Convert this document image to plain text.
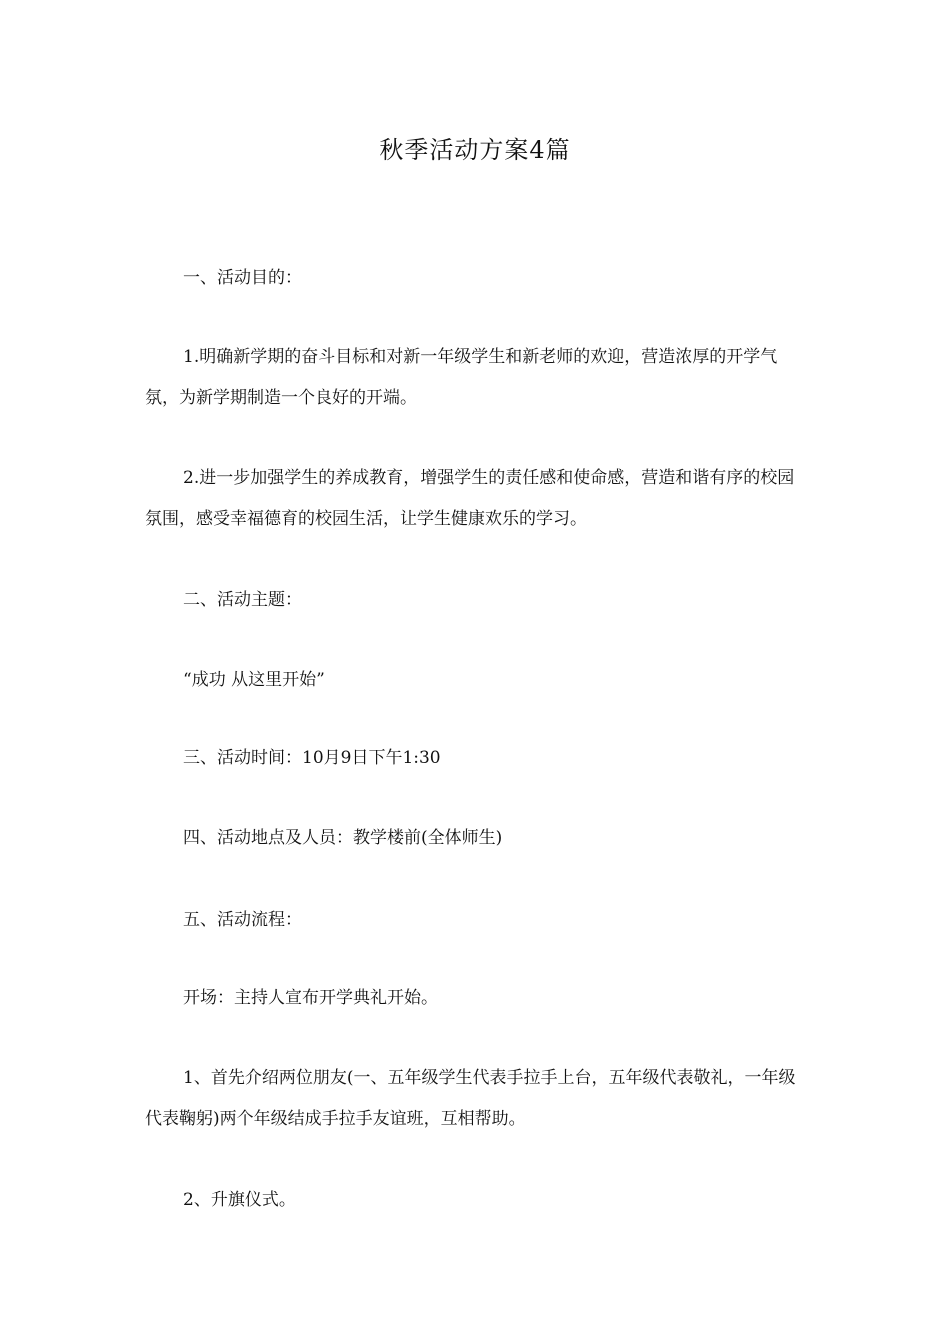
秋季活动方案4篇

一、活动目的：

1.明确新学期的奋斗目标和对新一年级学生和新老师的欢迎，营造浓厚的开学气氛，为新学期制造一个良好的开端。

2.进一步加强学生的养成教育，增强学生的责任感和使命感，营造和谐有序的校园氛围，感受幸福德育的校园生活，让学生健康欢乐的学习。

二、活动主题：

“成功 从这里开始”

三、活动时间：10月9日下午1:30

四、活动地点及人员：教学楼前(全体师生)

五、活动流程：

开场：主持人宣布开学典礼开始。

1、首先介绍两位朋友(一、五年级学生代表手拉手上台，五年级代表敬礼，一年级代表鞠躬)两个年级结成手拉手友谊班，互相帮助。

2、升旗仪式。
